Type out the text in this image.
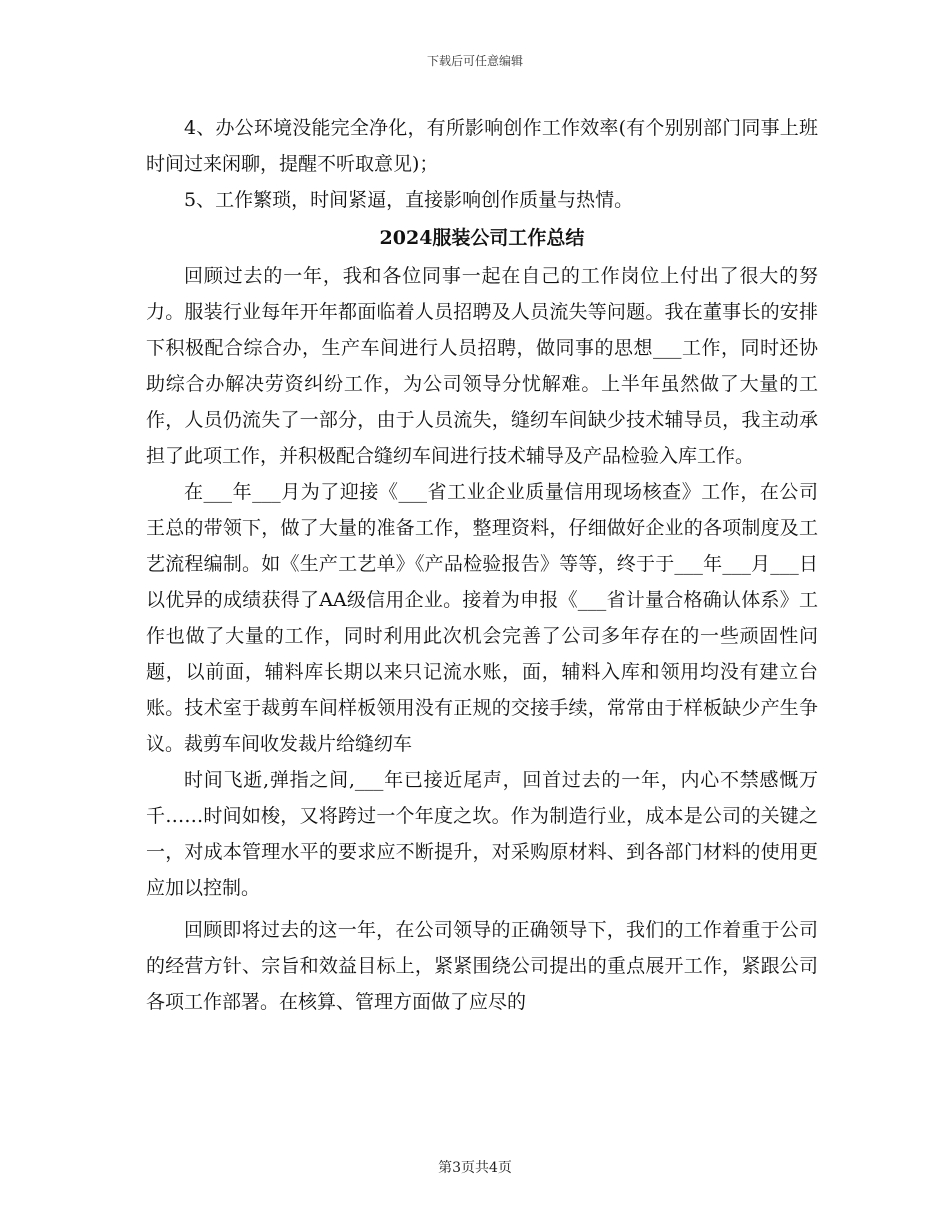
下载后可任意编辑

4、办公环境没能完全净化，有所影响创作工作效率(有个别别部门同事上班时间过来闲聊，提醒不听取意见)；

5、工作繁琐，时间紧逼，直接影响创作质量与热情。

2024服装公司工作总结

回顾过去的一年，我和各位同事一起在自己的工作岗位上付出了很大的努力。服装行业每年开年都面临着人员招聘及人员流失等问题。我在董事长的安排下积极配合综合办，生产车间进行人员招聘，做同事的思想___工作，同时还协助综合办解决劳资纠纷工作，为公司领导分忧解难。上半年虽然做了大量的工作，人员仍流失了一部分，由于人员流失，缝纫车间缺少技术辅导员，我主动承担了此项工作，并积极配合缝纫车间进行技术辅导及产品检验入库工作。

在___年___月为了迎接《___省工业企业质量信用现场核查》工作，在公司王总的带领下，做了大量的准备工作，整理资料，仔细做好企业的各项制度及工艺流程编制。如《生产工艺单》《产品检验报告》等等，终于于___年___月___日以优异的成绩获得了AA级信用企业。接着为申报《___省计量合格确认体系》工作也做了大量的工作，同时利用此次机会完善了公司多年存在的一些顽固性问题，以前面，辅料库长期以来只记流水账，面，辅料入库和领用均没有建立台账。技术室于裁剪车间样板领用没有正规的交接手续，常常由于样板缺少产生争议。裁剪车间收发裁片给缝纫车

时间飞逝,弹指之间,___年已接近尾声，回首过去的一年，内心不禁感慨万千……时间如梭，又将跨过一个年度之坎。作为制造行业，成本是公司的关键之一，对成本管理水平的要求应不断提升，对采购原材料、到各部门材料的使用更应加以控制。

回顾即将过去的这一年，在公司领导的正确领导下，我们的工作着重于公司的经营方针、宗旨和效益目标上，紧紧围绕公司提出的重点展开工作，紧跟公司各项工作部署。在核算、管理方面做了应尽的

第3页共4页
